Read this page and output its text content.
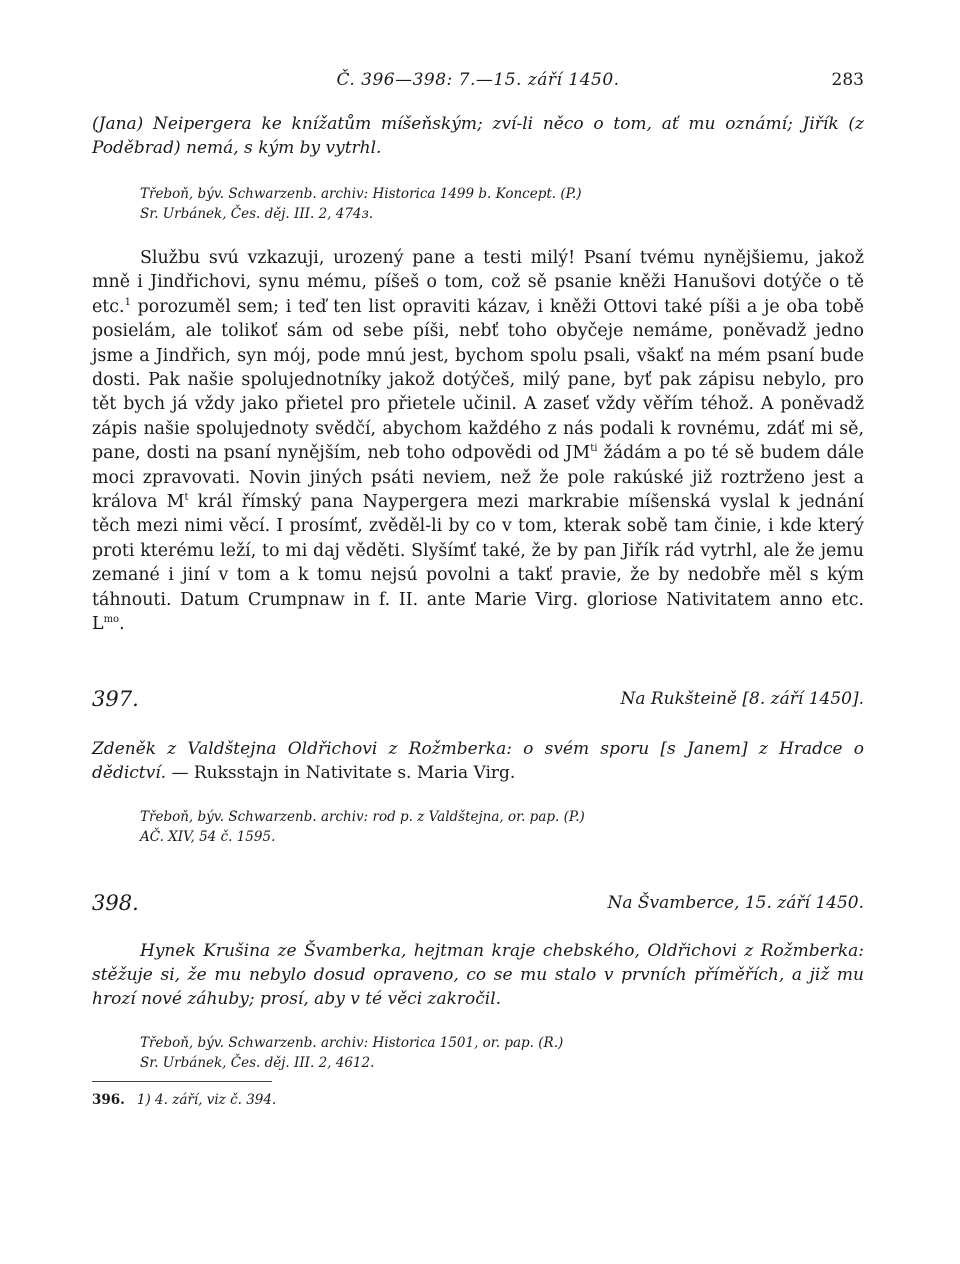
Č. 396—398: 7.—15. září 1450.	283

(Jana) Neipergera ke knížatům míšeňským; zví-li něco o tom, ať mu oznámí; Jiřík (z Poděbrad) nemá, s kým by vytrhl.

Třeboň, býv. Schwarzenb. archiv: Historica 1499 b. Koncept. (P.)

Sr. Urbánek, Čes. děj. III. 2, 474з.

Službu svú vzkazuji, urozený pane a testi milý! Psaní tvému nynějšiemu, jakož mně i Jindřichovi, synu mému, píšeš o tom, což sě psanie kněži Hanušovi dotýče o tě etc.$^1$ porozuměl sem; i teď ten list opraviti kázav, i kněži Ottovi také píši a je oba tobě posielám, ale tolikoť sám od sebe píši, nebť toho obyčeje nemáme, poněvadž jedno jsme a Jindřich, syn mój, pode mnú jest, bychom spolu psali, všakť na mém psaní bude dosti. Pak našie spolujednotníky jakož dotýčeš, milý pane, byť pak zápisu nebylo, pro tět bych já vždy jako přietel pro přietele učinil. A zaseť vždy věřím téhož. A poněvadž zápis našie spolujednoty svědčí, abychom každého z nás podali k rovnému, zdáť mi sě, pane, dosti na psaní nynějším, neb toho odpovědi od $JM^{ti}$ žádám a po té sě budem dále moci zpravovati. Novin jiných psáti neviem, než že pole rakúské již roztrženo jest a králova $M^t$ král římský pana Naypergera mezi markrabie míšenská vyslal k jednání těch mezi nimi věcí. I prosímť, zvěděl-li by co v tom, kterak sobě tam činie, i kde který proti kterému leží, to mi daj věděti. Slyšímť také, že by pan Jiřík rád vytrhl, ale že jemu zemané i jiní v tom a k tomu nejsú povolni a takť pravie, že by nedobře měl s kým táhnouti. Datum Crumpnaw in f. II. ante Marie Virg. gloriose Nativitatem anno etc. $L^{mo}$.

397.	Na Rukšteině [8. září 1450].

Zdeněk z Valdštejna Oldřichovi z Rožmberka: o svém sporu [s Janem] z Hradce o dědictví. — Ruksstajn in Nativitate s. Maria Virg.

Třeboň, býv. Schwarzenb. archiv: rod p. z Valdštejna, or. pap. (P.)

AČ. XIV, 54 č. 1595.

398.	Na Švamberce, 15. září 1450.

Hynek Krušina ze Švamberka, hejtman kraje chebského, Oldřichovi z Rožmberka: stěžuje si, že mu nebylo dosud opraveno, co se mu stalo v prvních příměřích, a již mu hrozí nové záhuby; prosí, aby v té věci zakročil.

Třeboň, býv. Schwarzenb. archiv: Historica 1501, or. pap. (R.)

Sr. Urbánek, Čes. děj. III. 2, 4612.

396. 1) 4. září, viz č. 394.
